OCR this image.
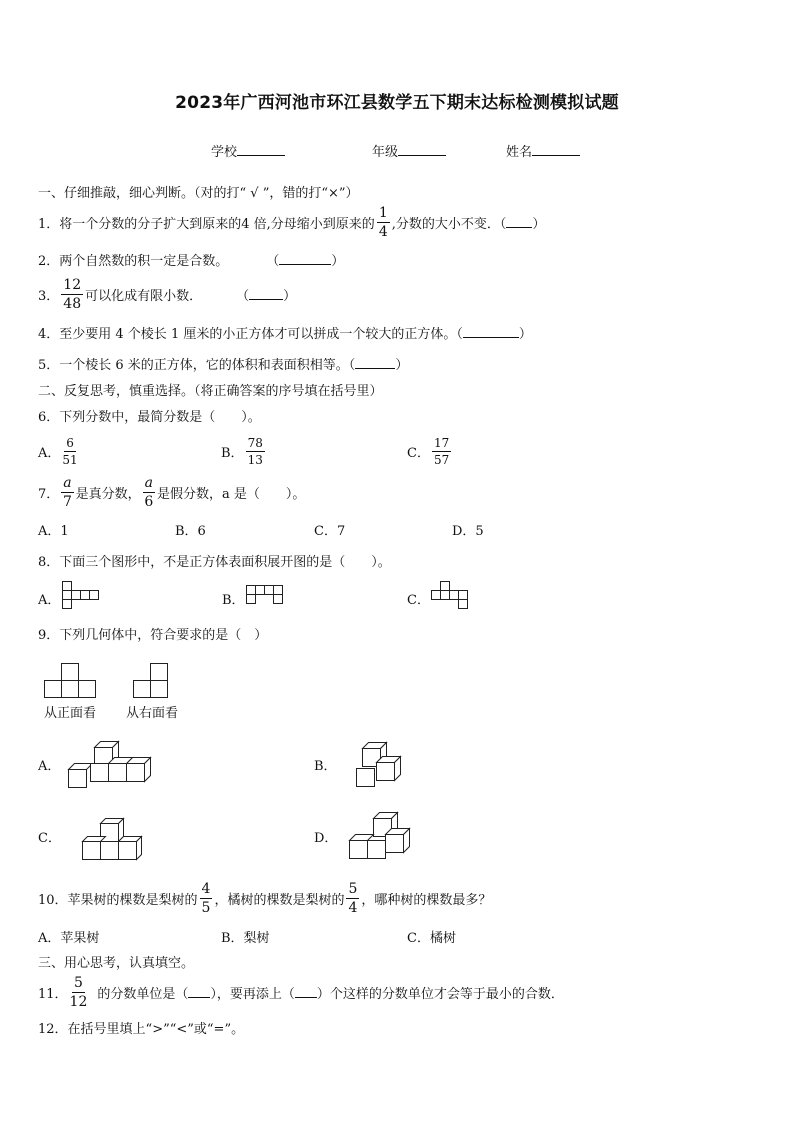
2023年广西河池市环江县数学五下期末达标检测模拟试题
学校	年级	姓名
一、仔细推敲，细心判断。（对的打“ √ ”，错的打“×”）
1．将一个分数的分子扩大到原来的4 倍,分母缩小到原来的 $\frac{1}{4}$ ,分数的大小不变．（ ）
2．两个自然数的积一定是合数。	（	）
3． $\frac{12}{48}$ 可以化成有限小数．	（	）
4．至少要用 4 个棱长 1 厘米的小正方体才可以拼成一个较大的正方体。（	）
5．一个棱长 6 米的正方体，它的体积和表面积相等。（	）
二、反复思考，慎重选择。（将正确答案的序号填在括号里）
6．下列分数中，最简分数是（　　）。
A． $\frac{6}{51}$	B． $\frac{78}{13}$	C． $\frac{17}{57}$
7． $\frac{a}{7}$ 是真分数， $\frac{a}{6}$ 是假分数，a 是（　　）。
A．1	B．6	C．7	D．5
8．下面三个图形中，不是正方体表面积展开图的是（　　）。
A．	B．	C．
9．下列几何体中，符合要求的是（　）
从正面看 从右面看
A．	B．
C．	D．
10．苹果树的棵数是梨树的 $\frac{4}{5}$ ，橘树的棵数是梨树的 $\frac{5}{4}$ ，哪种树的棵数最多？
A．苹果树	B．梨树	C．橘树
三、用心思考，认真填空。
11． $\frac{5}{12}$ 的分数单位是（ ），要再添上（ ）个这样的分数单位才会等于最小的合数．
12．在括号里填上“>”“<”或“=”。
